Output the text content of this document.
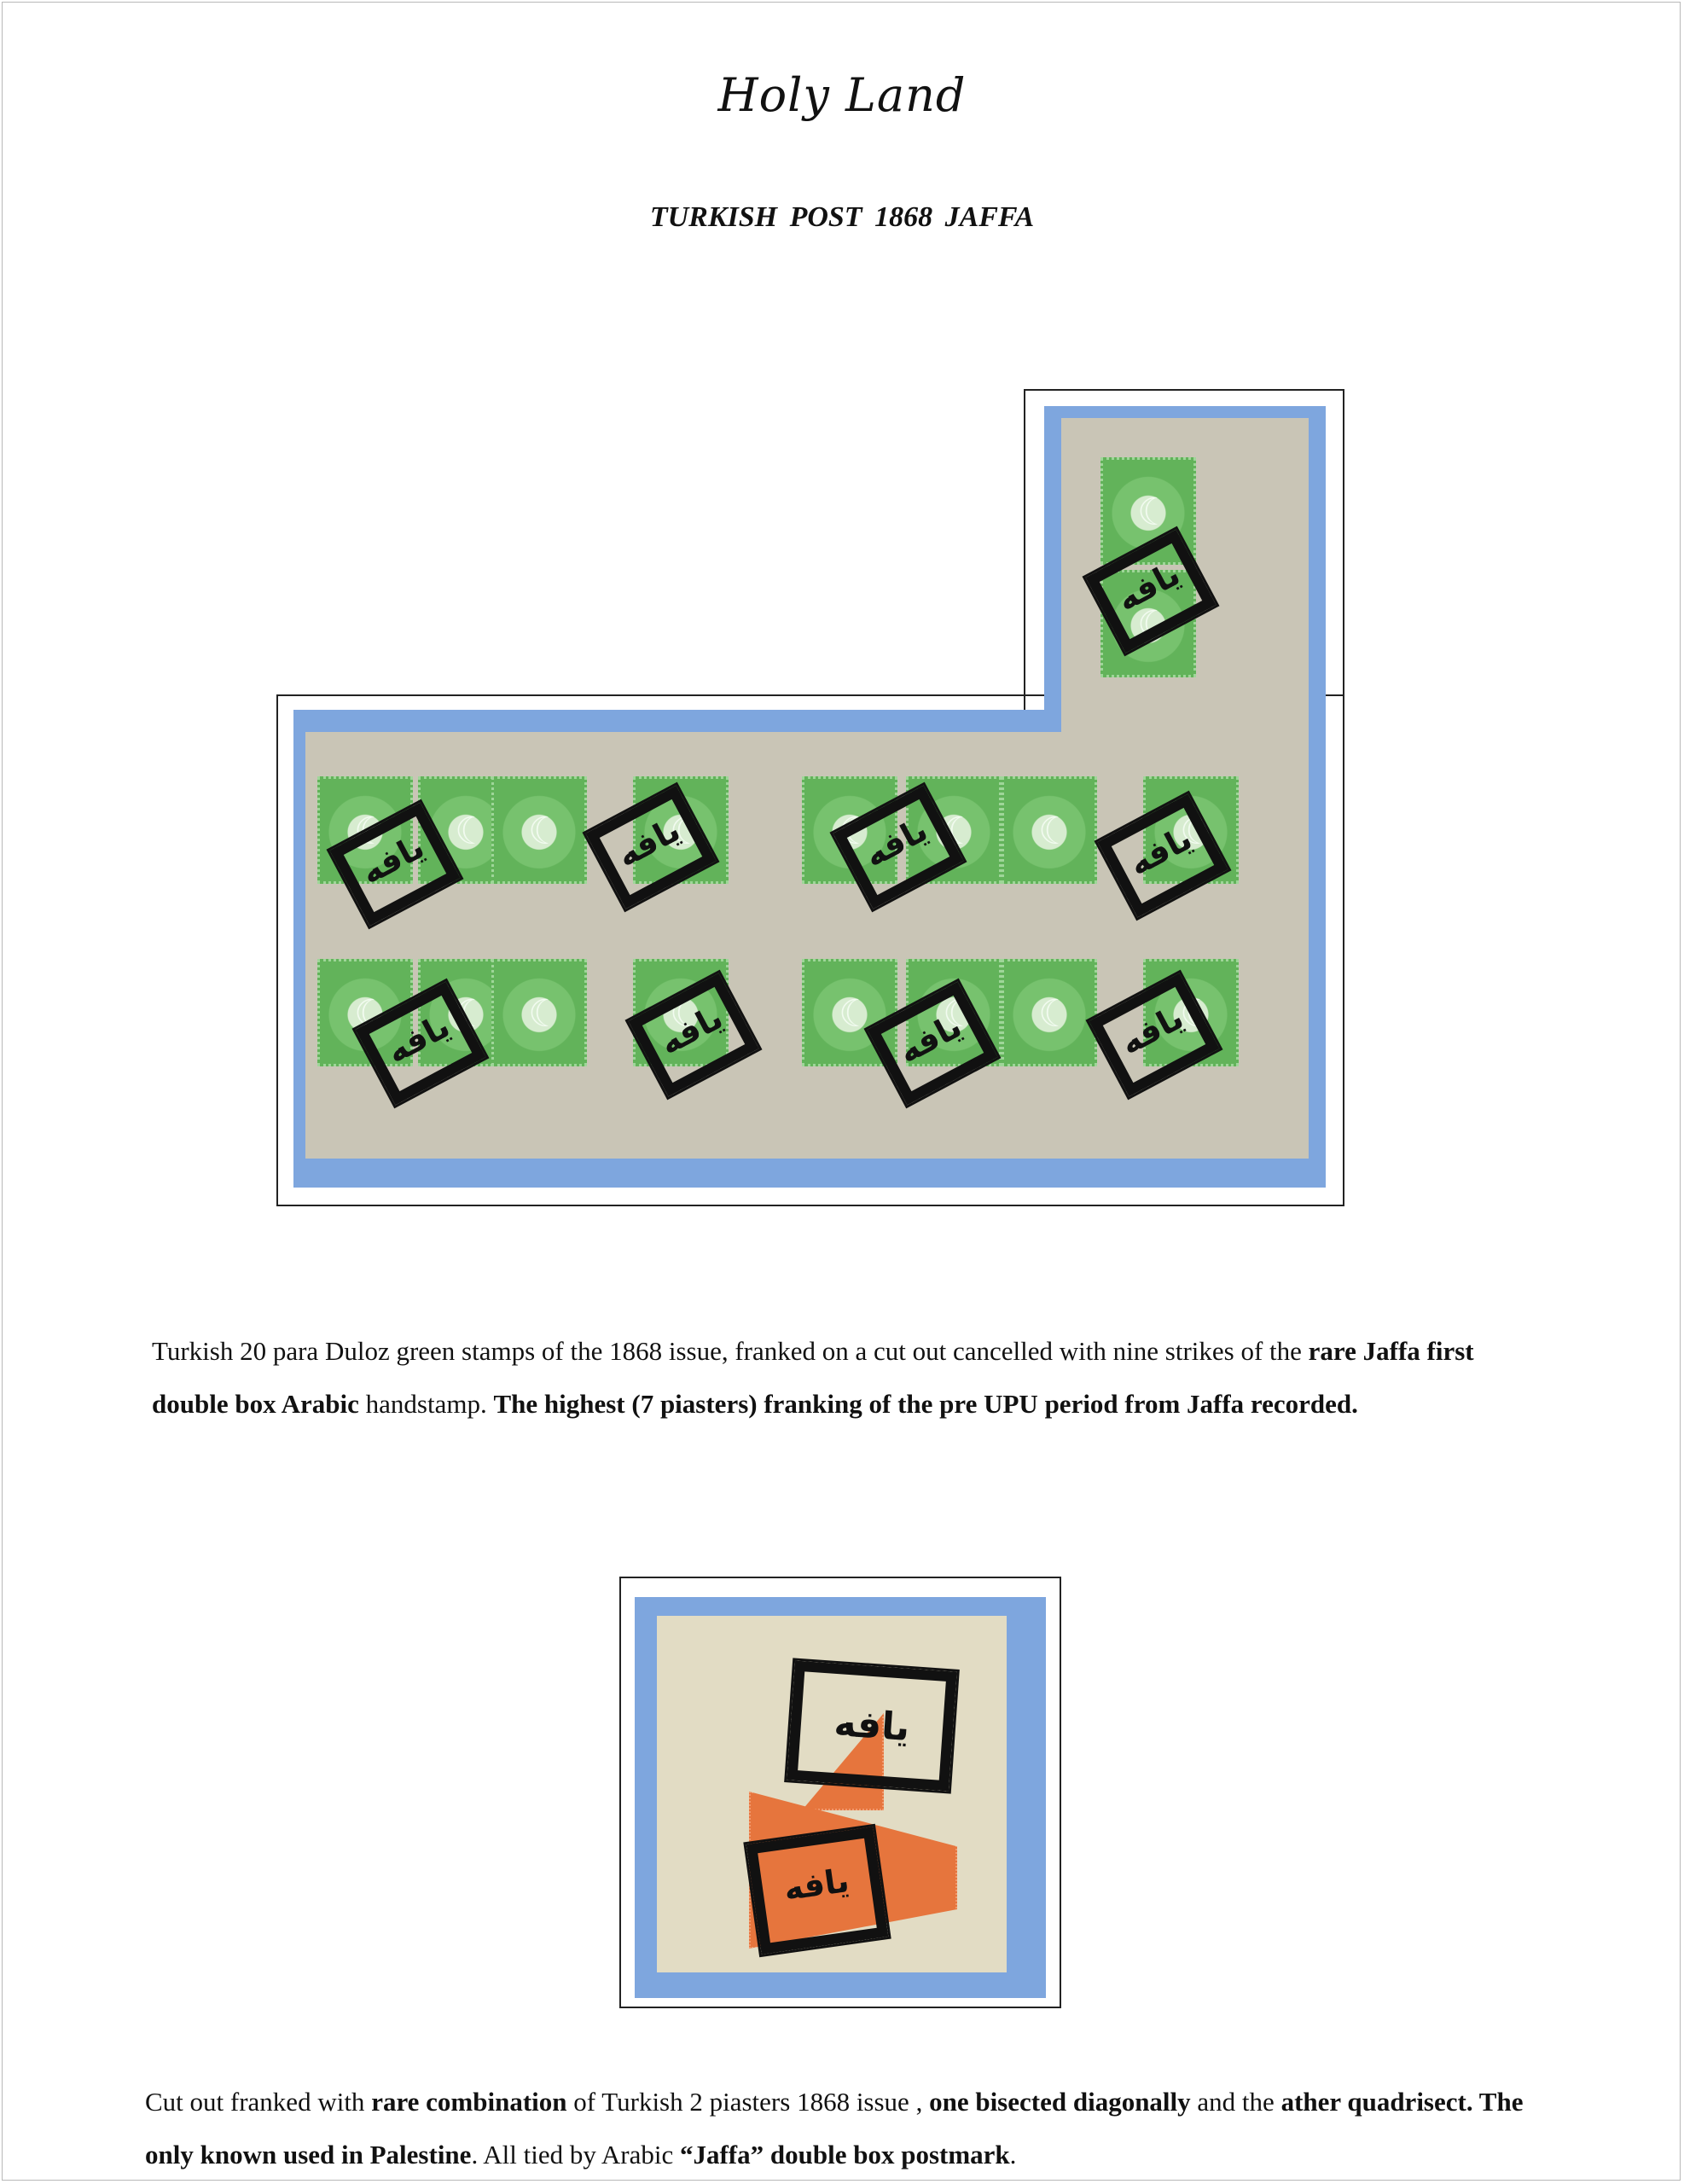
Holy Land
TURKISH POST 1868 JAFFA
☾
☾
☾
☾
☾
☾
☾
☾
☾
☾
☾
☾
☾
☾
☾
☾
☾
☾
يافه
يافه	يافه	يافه	يافه
يافه	يافه	يافه	يافه
Turkish 20 para Duloz green stamps of the 1868 issue, franked on a cut out cancelled with nine strikes of the rare Jaffa first double box Arabic handstamp. The highest (7 piasters) franking of the pre UPU period from Jaffa recorded.
يافه
يافه
Cut out franked with rare combination of Turkish 2 piasters 1868 issue , one bisected diagonally and the ather quadrisect. The only known used in Palestine. All tied by Arabic “Jaffa” double box postmark.
